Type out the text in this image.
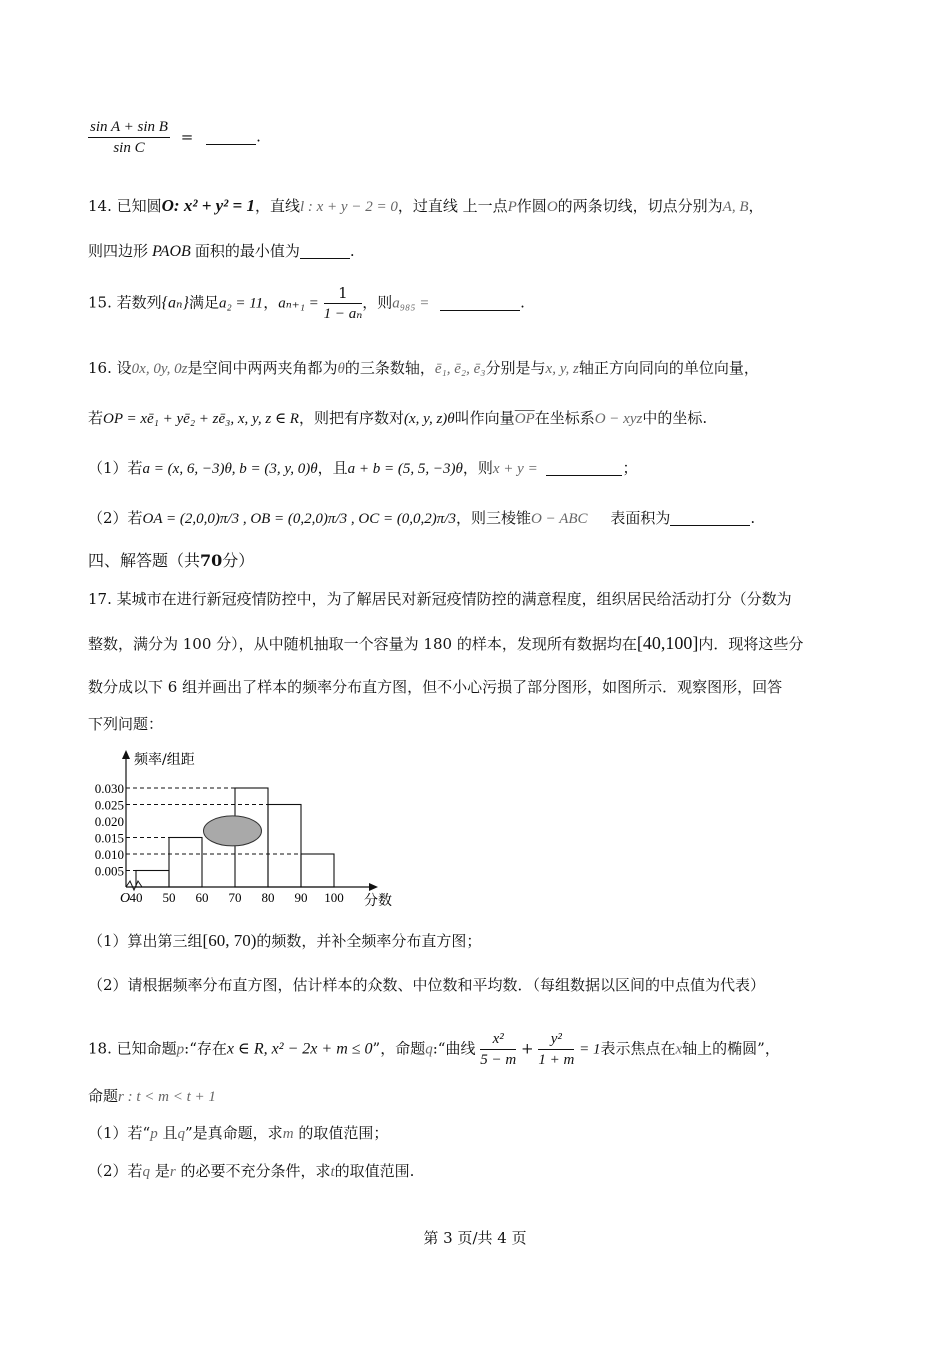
$\frac{\text{sin A + sin B}}{\text{sin C}}$ =	.
14. 已知圆O: x² + y² = 1，直线l : x + y − 2 = 0，过直线 上一点P作圆O的两条切线，切点分别为A, B，
则四边形 PAOB 面积的最小值为	.
15. 若数列{aₙ}满足a₂ = 11，$a_{n+1} = \frac{1}{\text{1 − aₙ}}$ ，则a₉₈₅ =	.
16. 设0x, 0y, 0z是空间中两两夹角都为θ的三条数轴，ē₁, ē₂, ē₃分别是与x, y, z轴正方向同向的单位向量，
若OP = xē₁ + yē₂ + zē₃, x, y, z ∈ R，则把有序数对(x, y, z)θ叫作向量$\overline{OP}$在坐标系O − xyz中的坐标.
（1）若a = (x, 6, −3)θ, b = (3, y, 0)θ，且a + b = (5, 5, −3)θ，则x + y =	；
（2）若OA = (2,0,0)π/3 , OB = (0,2,0)π/3 , OC = (0,0,2)π/3，则三棱锥O − ABC 表面积为	.
四、解答题（共70分）
17. 某城市在进行新冠疫情防控中，为了解居民对新冠疫情防控的满意程度，组织居民给活动打分（分数为
整数，满分为 100 分），从中随机抽取一个容量为 180 的样本，发现所有数据均在[40,100]内．现将这些分
数分成以下 6 组并画出了样本的频率分布直方图，但不小心污损了部分图形，如图所示．观察图形，回答
下列问题：
频率/组距
分数
O
0.005
0.010
0.015
0.020
0.025
0.030
40 50 60 70 80 90 100
（1）算出第三组[60, 70)的频数，并补全频率分布直方图；
（2）请根据频率分布直方图，估计样本的众数、中位数和平均数．（每组数据以区间的中点值为代表）
18. 已知命题p:“存在x ∈ R, x² − 2x + m ≤ 0”，命题q:“曲线 $\frac{\text{x²}}{5 - m} + \frac{\text{y²}}{1 + m} = 1$表示焦点在x轴上的椭圆”，
命题r : t < m < t + 1
（1）若“p 且q”是真命题，求m 的取值范围；
（2）若q 是r 的必要不充分条件，求t的取值范围.
第 3 页/共 4 页
